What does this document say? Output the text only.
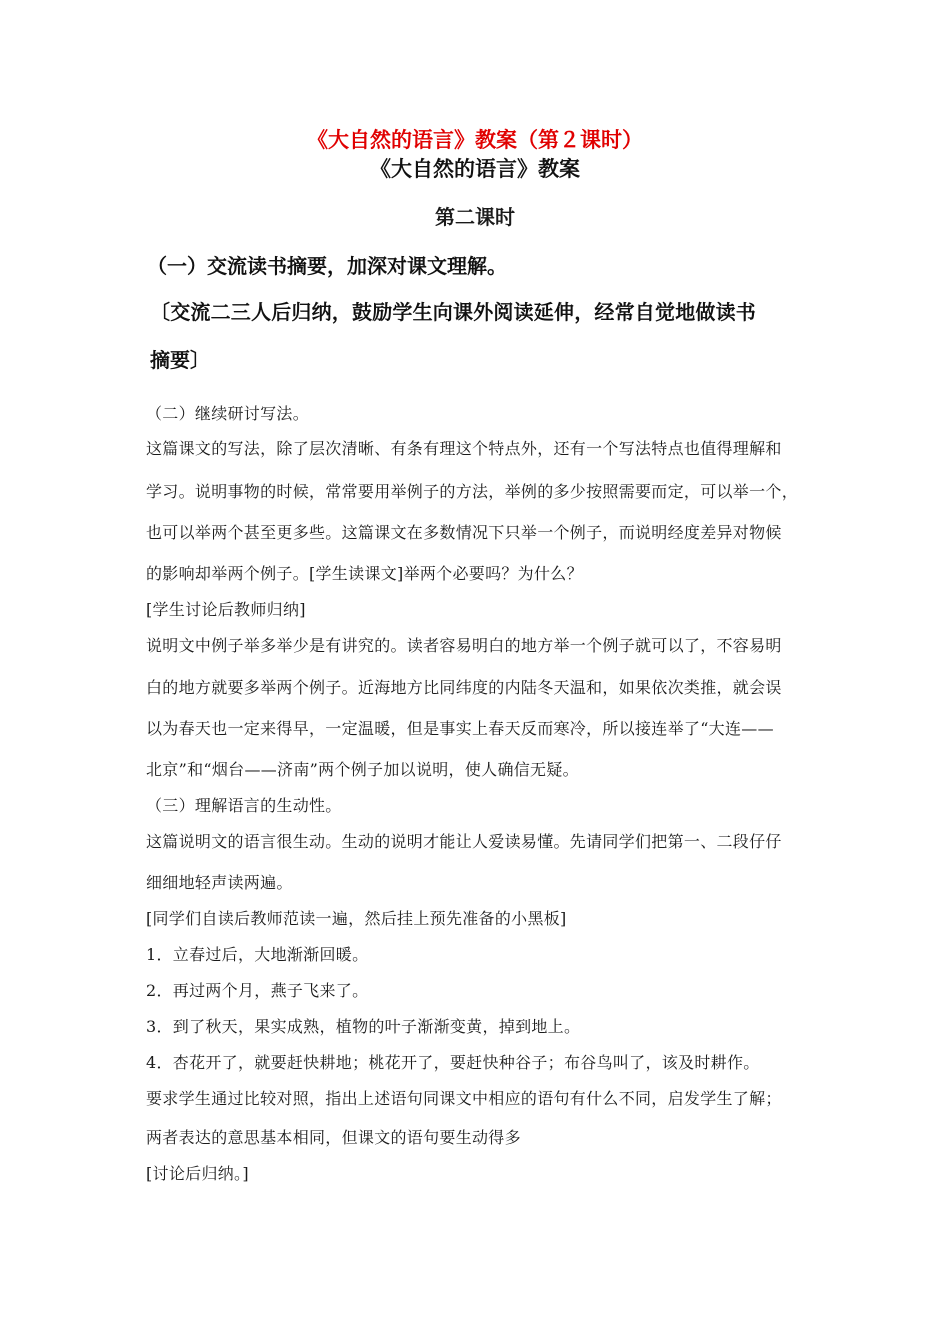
《大自然的语言》教案（第２课时）
《大自然的语言》教案
第二课时
（一）交流读书摘要，加深对课文理解。
〔交流二三人后归纳，鼓励学生向课外阅读延伸，经常自觉地做读书
摘要〕
（二）继续研讨写法。
这篇课文的写法，除了层次清晰、有条有理这个特点外，还有一个写法特点也值得理解和
学习。说明事物的时候，常常要用举例子的方法，举例的多少按照需要而定，可以举一个，
也可以举两个甚至更多些。这篇课文在多数情况下只举一个例子，而说明经度差异对物候
的影响却举两个例子。[学生读课文]举两个必要吗？为什么？
[学生讨论后教师归纳]
说明文中例子举多举少是有讲究的。读者容易明白的地方举一个例子就可以了，不容易明
白的地方就要多举两个例子。近海地方比同纬度的内陆冬天温和，如果依次类推，就会误
以为春天也一定来得早，一定温暖，但是事实上春天反而寒冷，所以接连举了“大连——
北京”和“烟台——济南”两个例子加以说明，使人确信无疑。
（三）理解语言的生动性。
这篇说明文的语言很生动。生动的说明才能让人爱读易懂。先请同学们把第一、二段仔仔
细细地轻声读两遍。
[同学们自读后教师范读一遍，然后挂上预先准备的小黑板]
1．立春过后，大地渐渐回暖。
2．再过两个月，燕子飞来了。
3．到了秋天，果实成熟，植物的叶子渐渐变黄，掉到地上。
4．杏花开了，就要赶快耕地；桃花开了，要赶快种谷子；布谷鸟叫了，该及时耕作。
要求学生通过比较对照，指出上述语句同课文中相应的语句有什么不同，启发学生了解；
两者表达的意思基本相同，但课文的语句要生动得多
[讨论后归纳。]
